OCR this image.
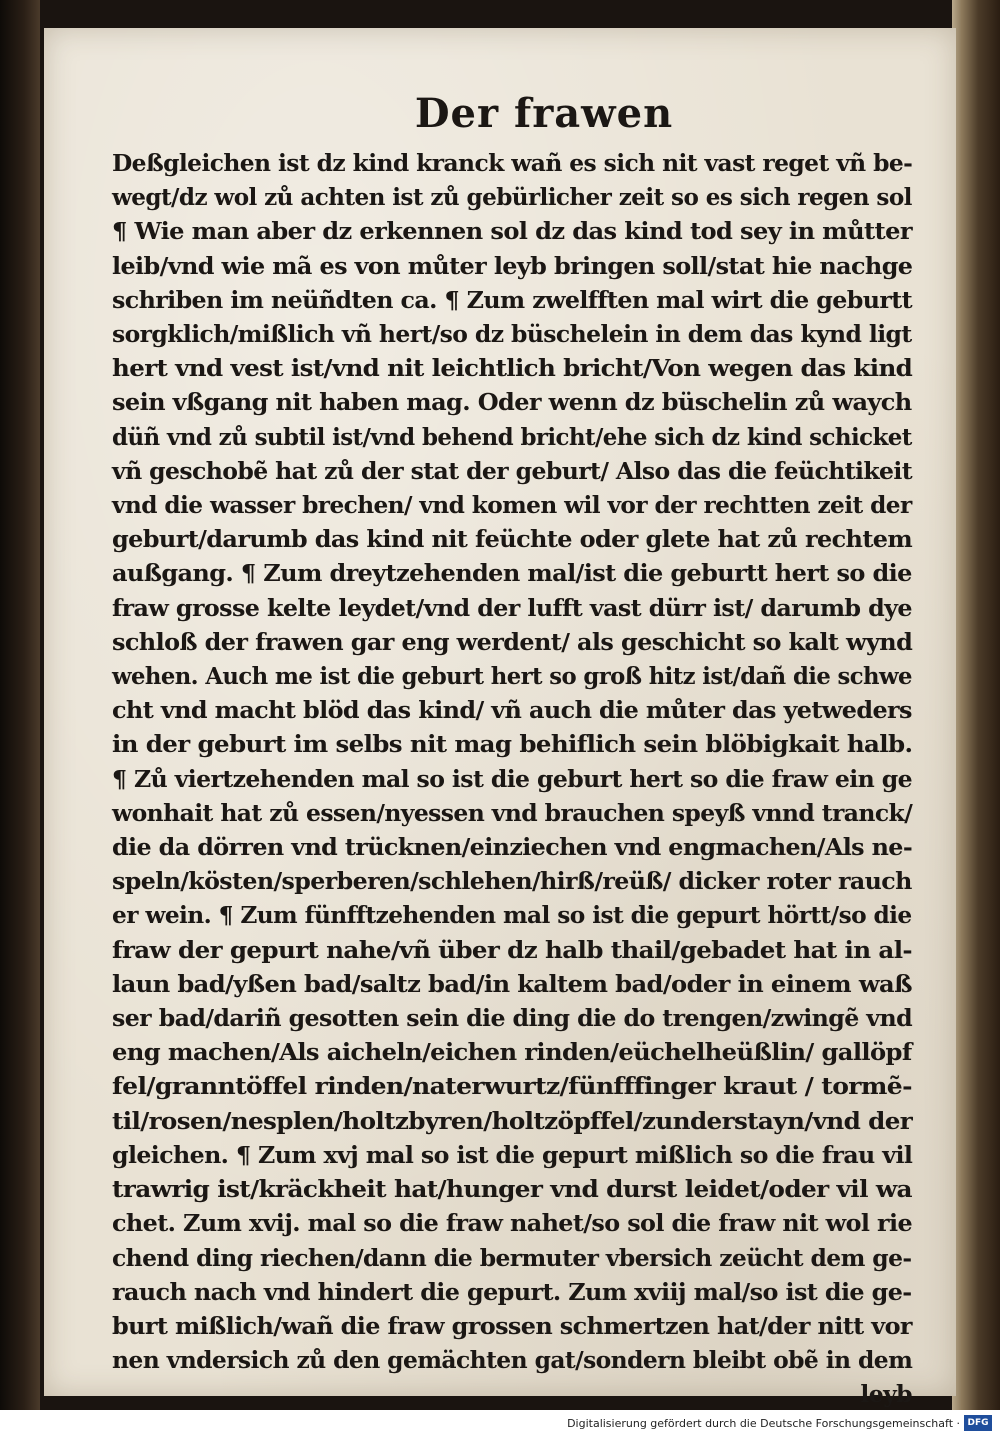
Der frawen
Deßgleichen ist dz kind kranck wañ es sich nit vast reget vñ be-
wegt/dz wol zů achten ist zů gebürlicher zeit so es sich regen sol
¶ Wie man aber dz erkennen sol dz das kind tod sey in můtter
leib/vnd wie mã es von můter leyb bringen soll/stat hie nachge
schriben im neüñdten ca. ¶ Zum zwelfften mal wirt die geburtt
sorgklich/mißlich vñ hert/so dz büschelein in dem das kynd ligt
hert vnd vest ist/vnd nit leichtlich bricht/Von wegen das kind
sein vßgang nit haben mag. Oder wenn dz büschelin zů waych
düñ vnd zů subtil ist/vnd behend bricht/ehe sich dz kind schicket
vñ geschobẽ hat zů der stat der geburt/ Also das die feüchtikeit
vnd die wasser brechen/ vnd komen wil vor der rechtten zeit der
geburt/darumb das kind nit feüchte oder glete hat zů rechtem
außgang. ¶ Zum dreytzehenden mal/ist die geburtt hert so die
fraw grosse kelte leydet/vnd der lufft vast dürr ist/ darumb dye
schloß der frawen gar eng werdent/ als geschicht so kalt wynd
wehen. Auch me ist die geburt hert so groß hitz ist/dañ die schwe
cht vnd macht blöd das kind/ vñ auch die můter das yetweders
in der geburt im selbs nit mag behiflich sein blöbigkait halb.
¶ Zů viertzehenden mal so ist die geburt hert so die fraw ein ge
wonhait hat zů essen/nyessen vnd brauchen speyß vnnd tranck/
die da dörren vnd trücknen/einziechen vnd engmachen/Als ne-
speln/kösten/sperberen/schlehen/hirß/reüß/ dicker roter rauch
er wein. ¶ Zum fünfftzehenden mal so ist die gepurt hörtt/so die
fraw der gepurt nahe/vñ über dz halb thail/gebadet hat in al-
laun bad/yßen bad/saltz bad/in kaltem bad/oder in einem waß
ser bad/dariñ gesotten sein die ding die do trengen/zwingẽ vnd
eng machen/Als aicheln/eichen rinden/eüchelheüßlin/ gallöpf
fel/granntöffel rinden/naterwurtz/fünfffinger kraut / tormẽ-
til/rosen/nesplen/holtzbyren/holtzöpffel/zunderstayn/vnd der
gleichen. ¶ Zum xvj mal so ist die gepurt mißlich so die frau vil
trawrig ist/kräckheit hat/hunger vnd durst leidet/oder vil wa
chet. Zum xvij. mal so die fraw nahet/so sol die fraw nit wol rie
chend ding riechen/dann die bermuter vbersich zeücht dem ge-
rauch nach vnd hindert die gepurt. Zum xviij mal/so ist die ge-
burt mißlich/wañ die fraw grossen schmertzen hat/der nitt vor
nen vndersich zů den gemächten gat/sondern bleibt obẽ in dem
leyb
Digitalisierung gefördert durch die Deutsche Forschungsgemeinschaft · DFG
